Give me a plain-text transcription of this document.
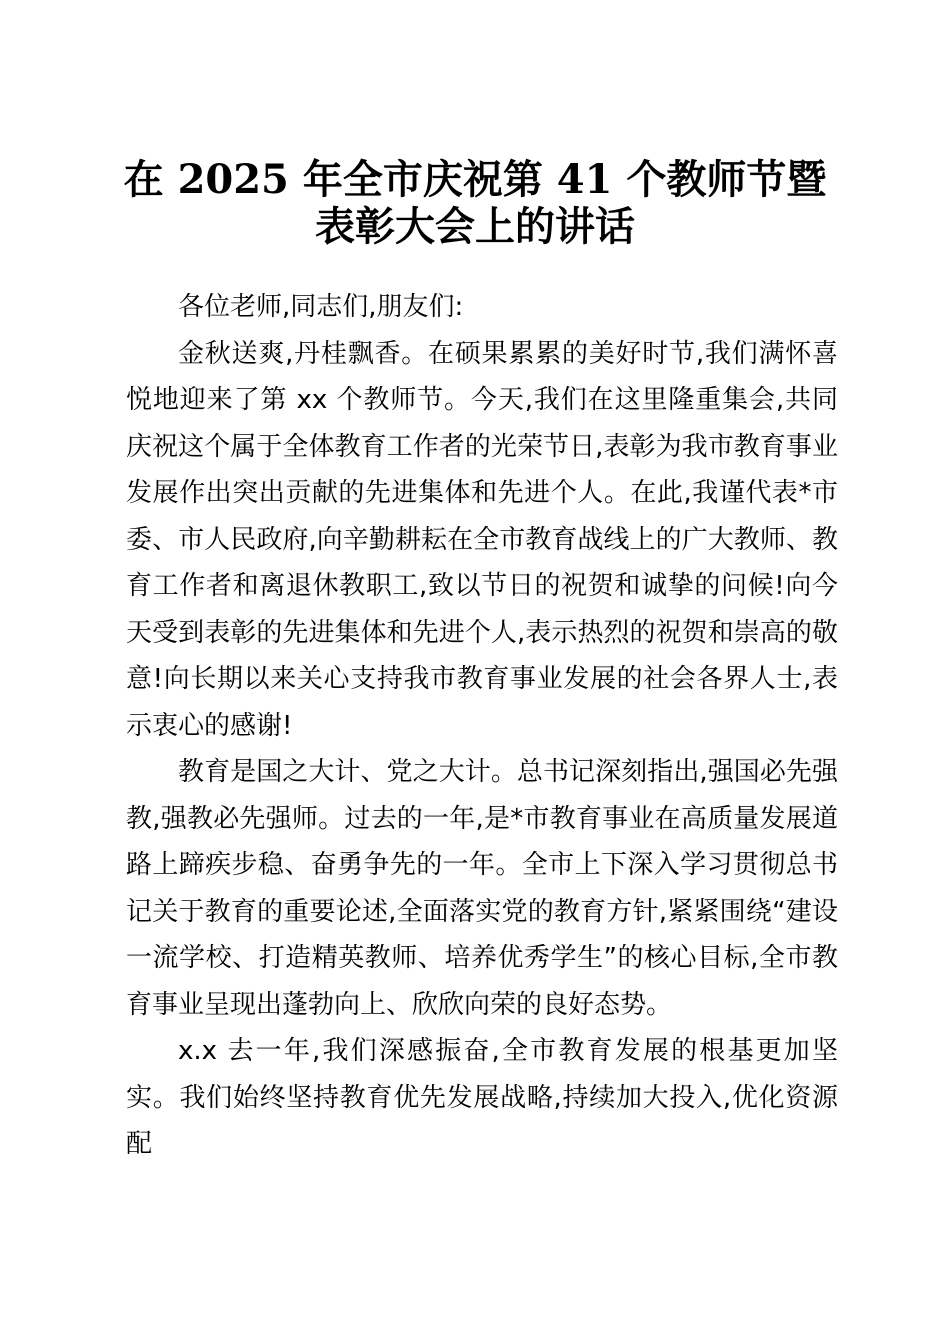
在 2025 年全市庆祝第 41 个教师节暨表彰大会上的讲话

各位老师,同志们,朋友们:

金秋送爽,丹桂飘香。在硕果累累的美好时节,我们满怀喜悦地迎来了第 xx 个教师节。今天,我们在这里隆重集会,共同庆祝这个属于全体教育工作者的光荣节日,表彰为我市教育事业发展作出突出贡献的先进集体和先进个人。在此,我谨代表*市委、市人民政府,向辛勤耕耘在全市教育战线上的广大教师、教育工作者和离退休教职工,致以节日的祝贺和诚挚的问候!向今天受到表彰的先进集体和先进个人,表示热烈的祝贺和崇高的敬意!向长期以来关心支持我市教育事业发展的社会各界人士,表示衷心的感谢!

教育是国之大计、党之大计。总书记深刻指出,强国必先强教,强教必先强师。过去的一年,是*市教育事业在高质量发展道路上蹄疾步稳、奋勇争先的一年。全市上下深入学习贯彻总书记关于教育的重要论述,全面落实党的教育方针,紧紧围绕“建设一流学校、打造精英教师、培养优秀学生”的核心目标,全市教育事业呈现出蓬勃向上、欣欣向荣的良好态势。

x.x 去一年,我们深感振奋,全市教育发展的根基更加坚实。我们始终坚持教育优先发展战略,持续加大投入,优化资源配
